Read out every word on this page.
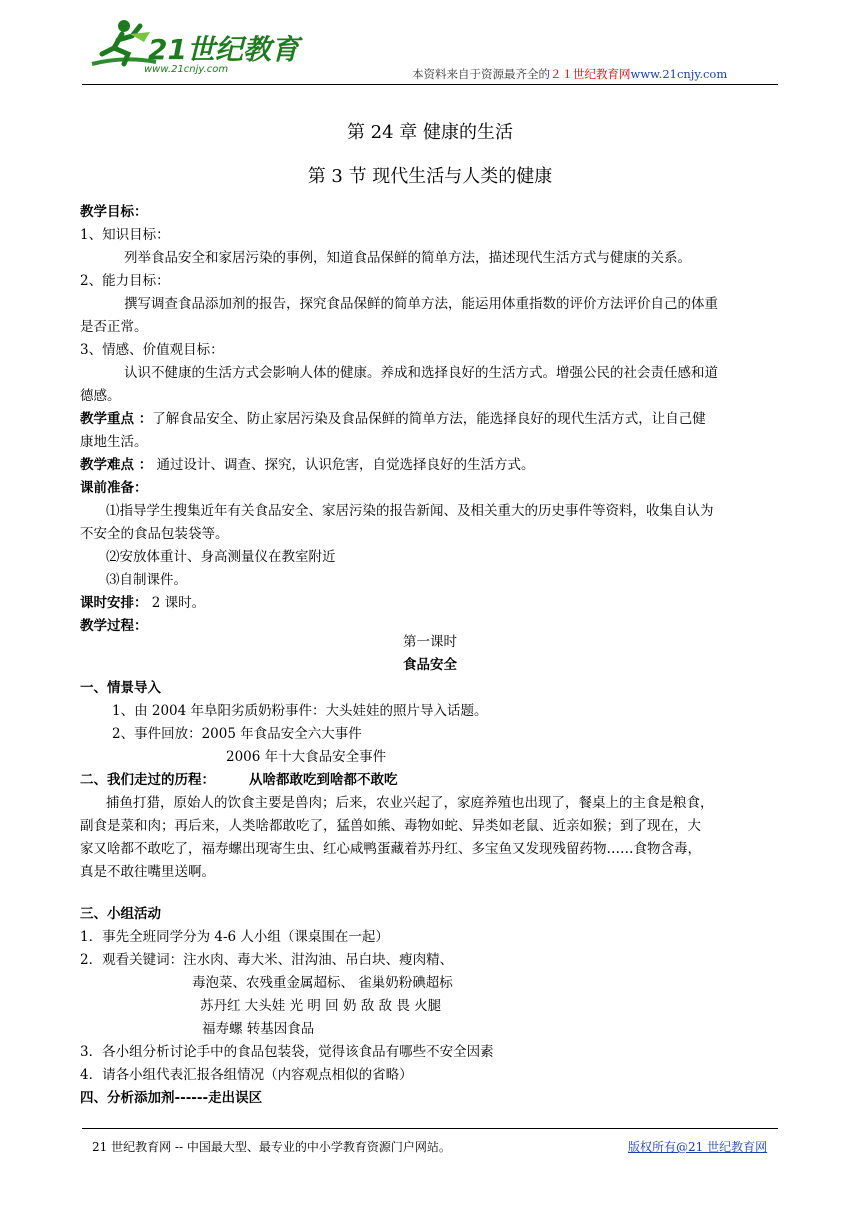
21世纪教育
www.21cnjy.com	本资料来自于资源最齐全的２１世纪教育网www.21cnjy.com
第 24 章 健康的生活
第 3 节 现代生活与人类的健康
教学目标：
1、知识目标：
列举食品安全和家居污染的事例，知道食品保鲜的简单方法，描述现代生活方式与健康的关系。
2、能力目标：
撰写调查食品添加剂的报告，探究食品保鲜的简单方法，能运用体重指数的评价方法评价自己的体重
是否正常。
3、情感、价值观目标：
认识不健康的生活方式会影响人体的健康。养成和选择良好的生活方式。增强公民的社会责任感和道
德感。
教学重点 ：了解食品安全、防止家居污染及食品保鲜的简单方法，能选择良好的现代生活方式，让自己健
康地生活。
教学难点 ： 通过设计、调查、探究，认识危害，自觉选择良好的生活方式。
课前准备：
⑴指导学生搜集近年有关食品安全、家居污染的报告新闻、及相关重大的历史事件等资料，收集自认为
不安全的食品包装袋等。
⑵安放体重计、身高测量仪在教室附近
⑶自制课件。
课时安排： 2 课时。
教学过程：
第一课时
食品安全
一、情景导入
1、由 2004 年阜阳劣质奶粉事件：大头娃娃的照片导入话题。
2、事件回放：2005 年食品安全六大事件
2006 年十大食品安全事件
二、我们走过的历程：	从啥都敢吃到啥都不敢吃
捕鱼打猎，原始人的饮食主要是兽肉；后来，农业兴起了，家庭养殖也出现了，餐桌上的主食是粮食，
副食是菜和肉；再后来，人类啥都敢吃了，猛兽如熊、毒物如蛇、异类如老鼠、近亲如猴；到了现在，大
家又啥都不敢吃了，福寿螺出现寄生虫、红心咸鸭蛋藏着苏丹红、多宝鱼又发现残留药物……食物含毒，
真是不敢往嘴里送啊。
三、小组活动
1．事先全班同学分为 4-6 人小组（课桌围在一起）
2．观看关键词：注水肉、毒大米、泔沟油、吊白块、瘦肉精、
毒泡菜、农残重金属超标、 雀巢奶粉碘超标
苏丹红 大头娃 光 明 回 奶 敌 敌 畏 火腿
福寿螺 转基因食品
3．各小组分析讨论手中的食品包装袋，觉得该食品有哪些不安全因素
4．请各小组代表汇报各组情况（内容观点相似的省略）
四、分析添加剂------走出误区
21 世纪教育网 -- 中国最大型、最专业的中小学教育资源门户网站。	版权所有@21 世纪教育网
